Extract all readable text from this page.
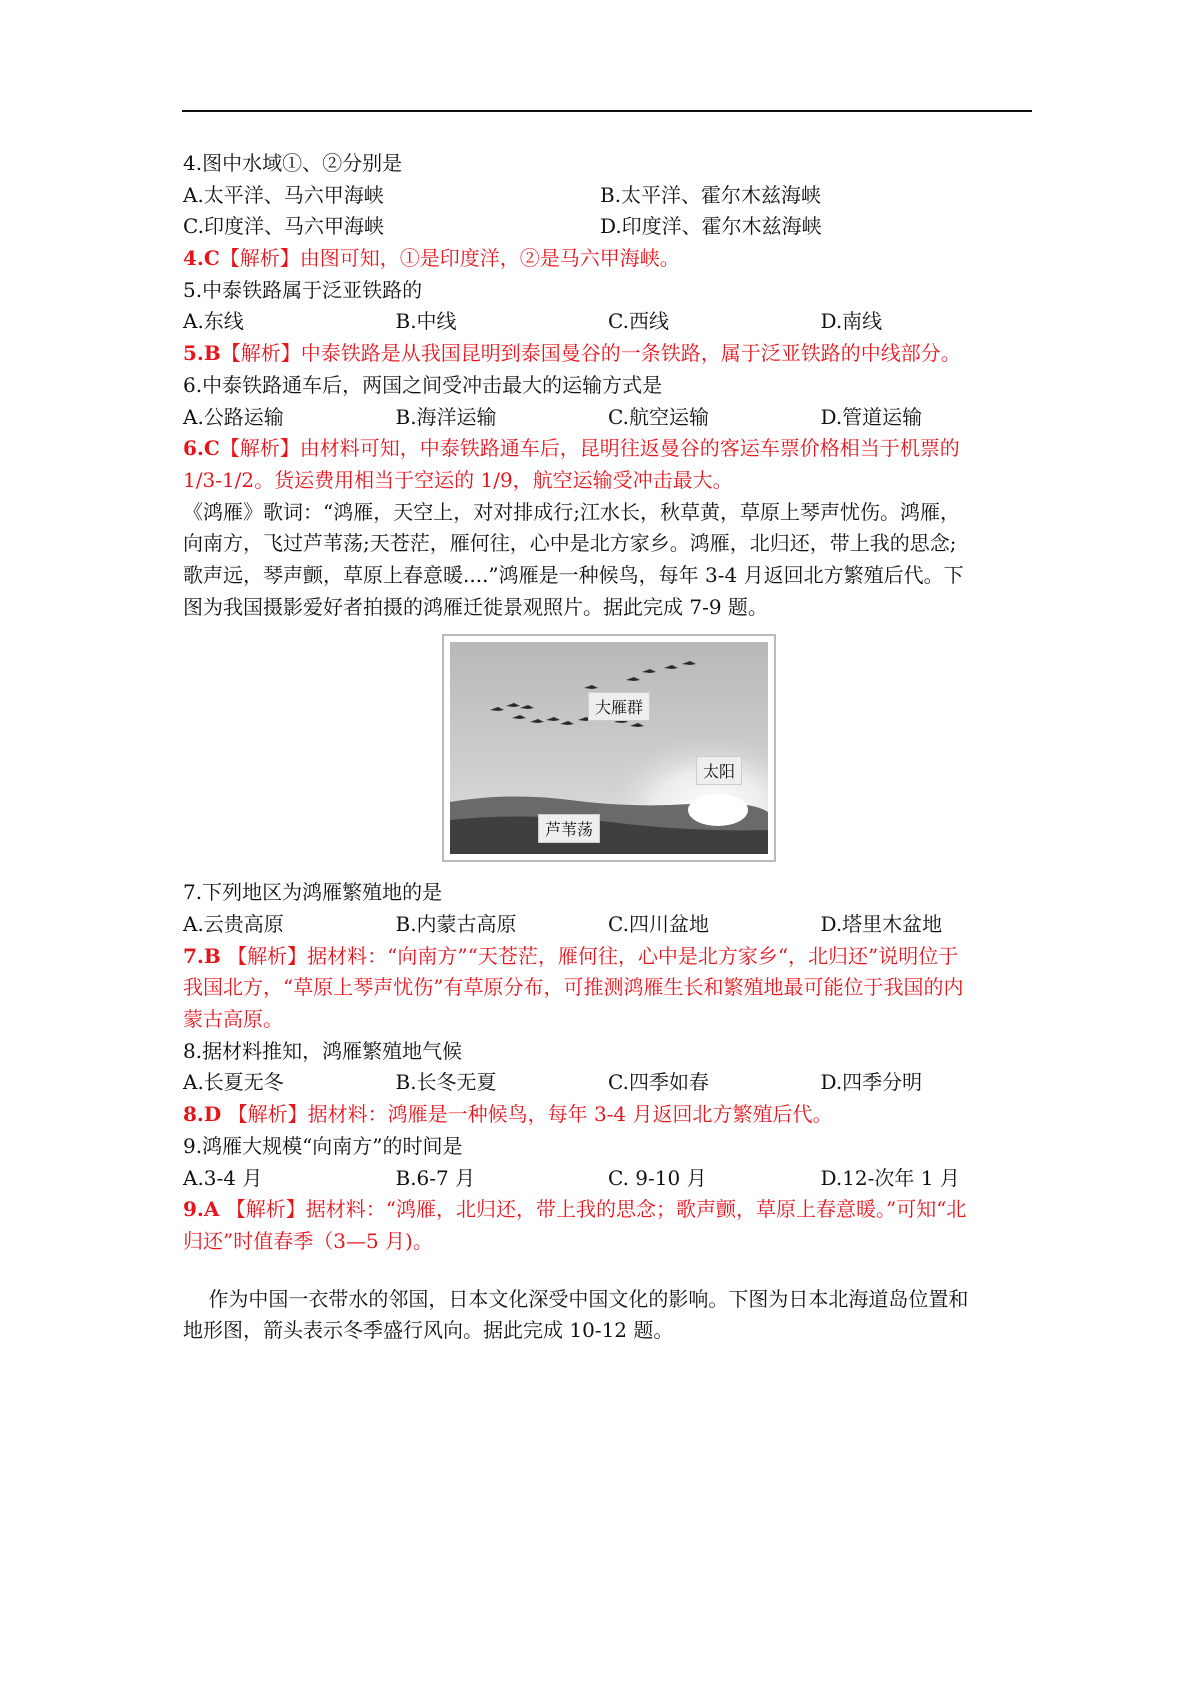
4.图中水域①、②分别是
A.太平洋、马六甲海峡	B.太平洋、霍尔木兹海峡
C.印度洋、马六甲海峡	D.印度洋、霍尔木兹海峡
4.C【解析】由图可知，①是印度洋，②是马六甲海峡。
5.中泰铁路属于泛亚铁路的
A.东线	B.中线	C.西线	D.南线
5.B【解析】中泰铁路是从我国昆明到泰国曼谷的一条铁路，属于泛亚铁路的中线部分。
6.中泰铁路通车后，两国之间受冲击最大的运输方式是
A.公路运输	B.海洋运输	C.航空运输	D.管道运输
6.C【解析】由材料可知，中泰铁路通车后，昆明往返曼谷的客运车票价格相当于机票的
1/3-1/2。货运费用相当于空运的 1/9，航空运输受冲击最大。
《鸿雁》歌词：“鸿雁，天空上，对对排成行;江水长，秋草黄，草原上琴声忧伤。鸿雁，
向南方，飞过芦苇荡;天苍茫，雁何往，心中是北方家乡。鸿雁，北归还，带上我的思念;
歌声远，琴声颤，草原上春意暖....”鸿雁是一种候鸟，每年 3-4 月返回北方繁殖后代。下
图为我国摄影爱好者拍摄的鸿雁迁徙景观照片。据此完成 7-9 题。
7.下列地区为鸿雁繁殖地的是
A.云贵高原	B.内蒙古高原	C.四川盆地	D.塔里木盆地
7.B 【解析】据材料：“向南方”“天苍茫，雁何往，心中是北方家乡“，北归还”说明位于
我国北方，“草原上琴声忧伤”有草原分布，可推测鸿雁生长和繁殖地最可能位于我国的内
蒙古高原。
8.据材料推知，鸿雁繁殖地气候
A.长夏无冬	B.长冬无夏	C.四季如春	D.四季分明
8.D 【解析】据材料：鸿雁是一种候鸟，每年 3-4 月返回北方繁殖后代。
9.鸿雁大规模“向南方”的时间是
A.3-4 月	B.6-7 月	C. 9-10 月	D.12-次年 1 月
9.A 【解析】据材料：“鸿雁，北归还，带上我的思念；歌声颤，草原上春意暖。”可知“北
归还”时值春季（3—5 月)。
作为中国一衣带水的邻国，日本文化深受中国文化的影响。下图为日本北海道岛位置和
地形图，箭头表示冬季盛行风向。据此完成 10-12 题。
大雁群
太阳
芦苇荡
